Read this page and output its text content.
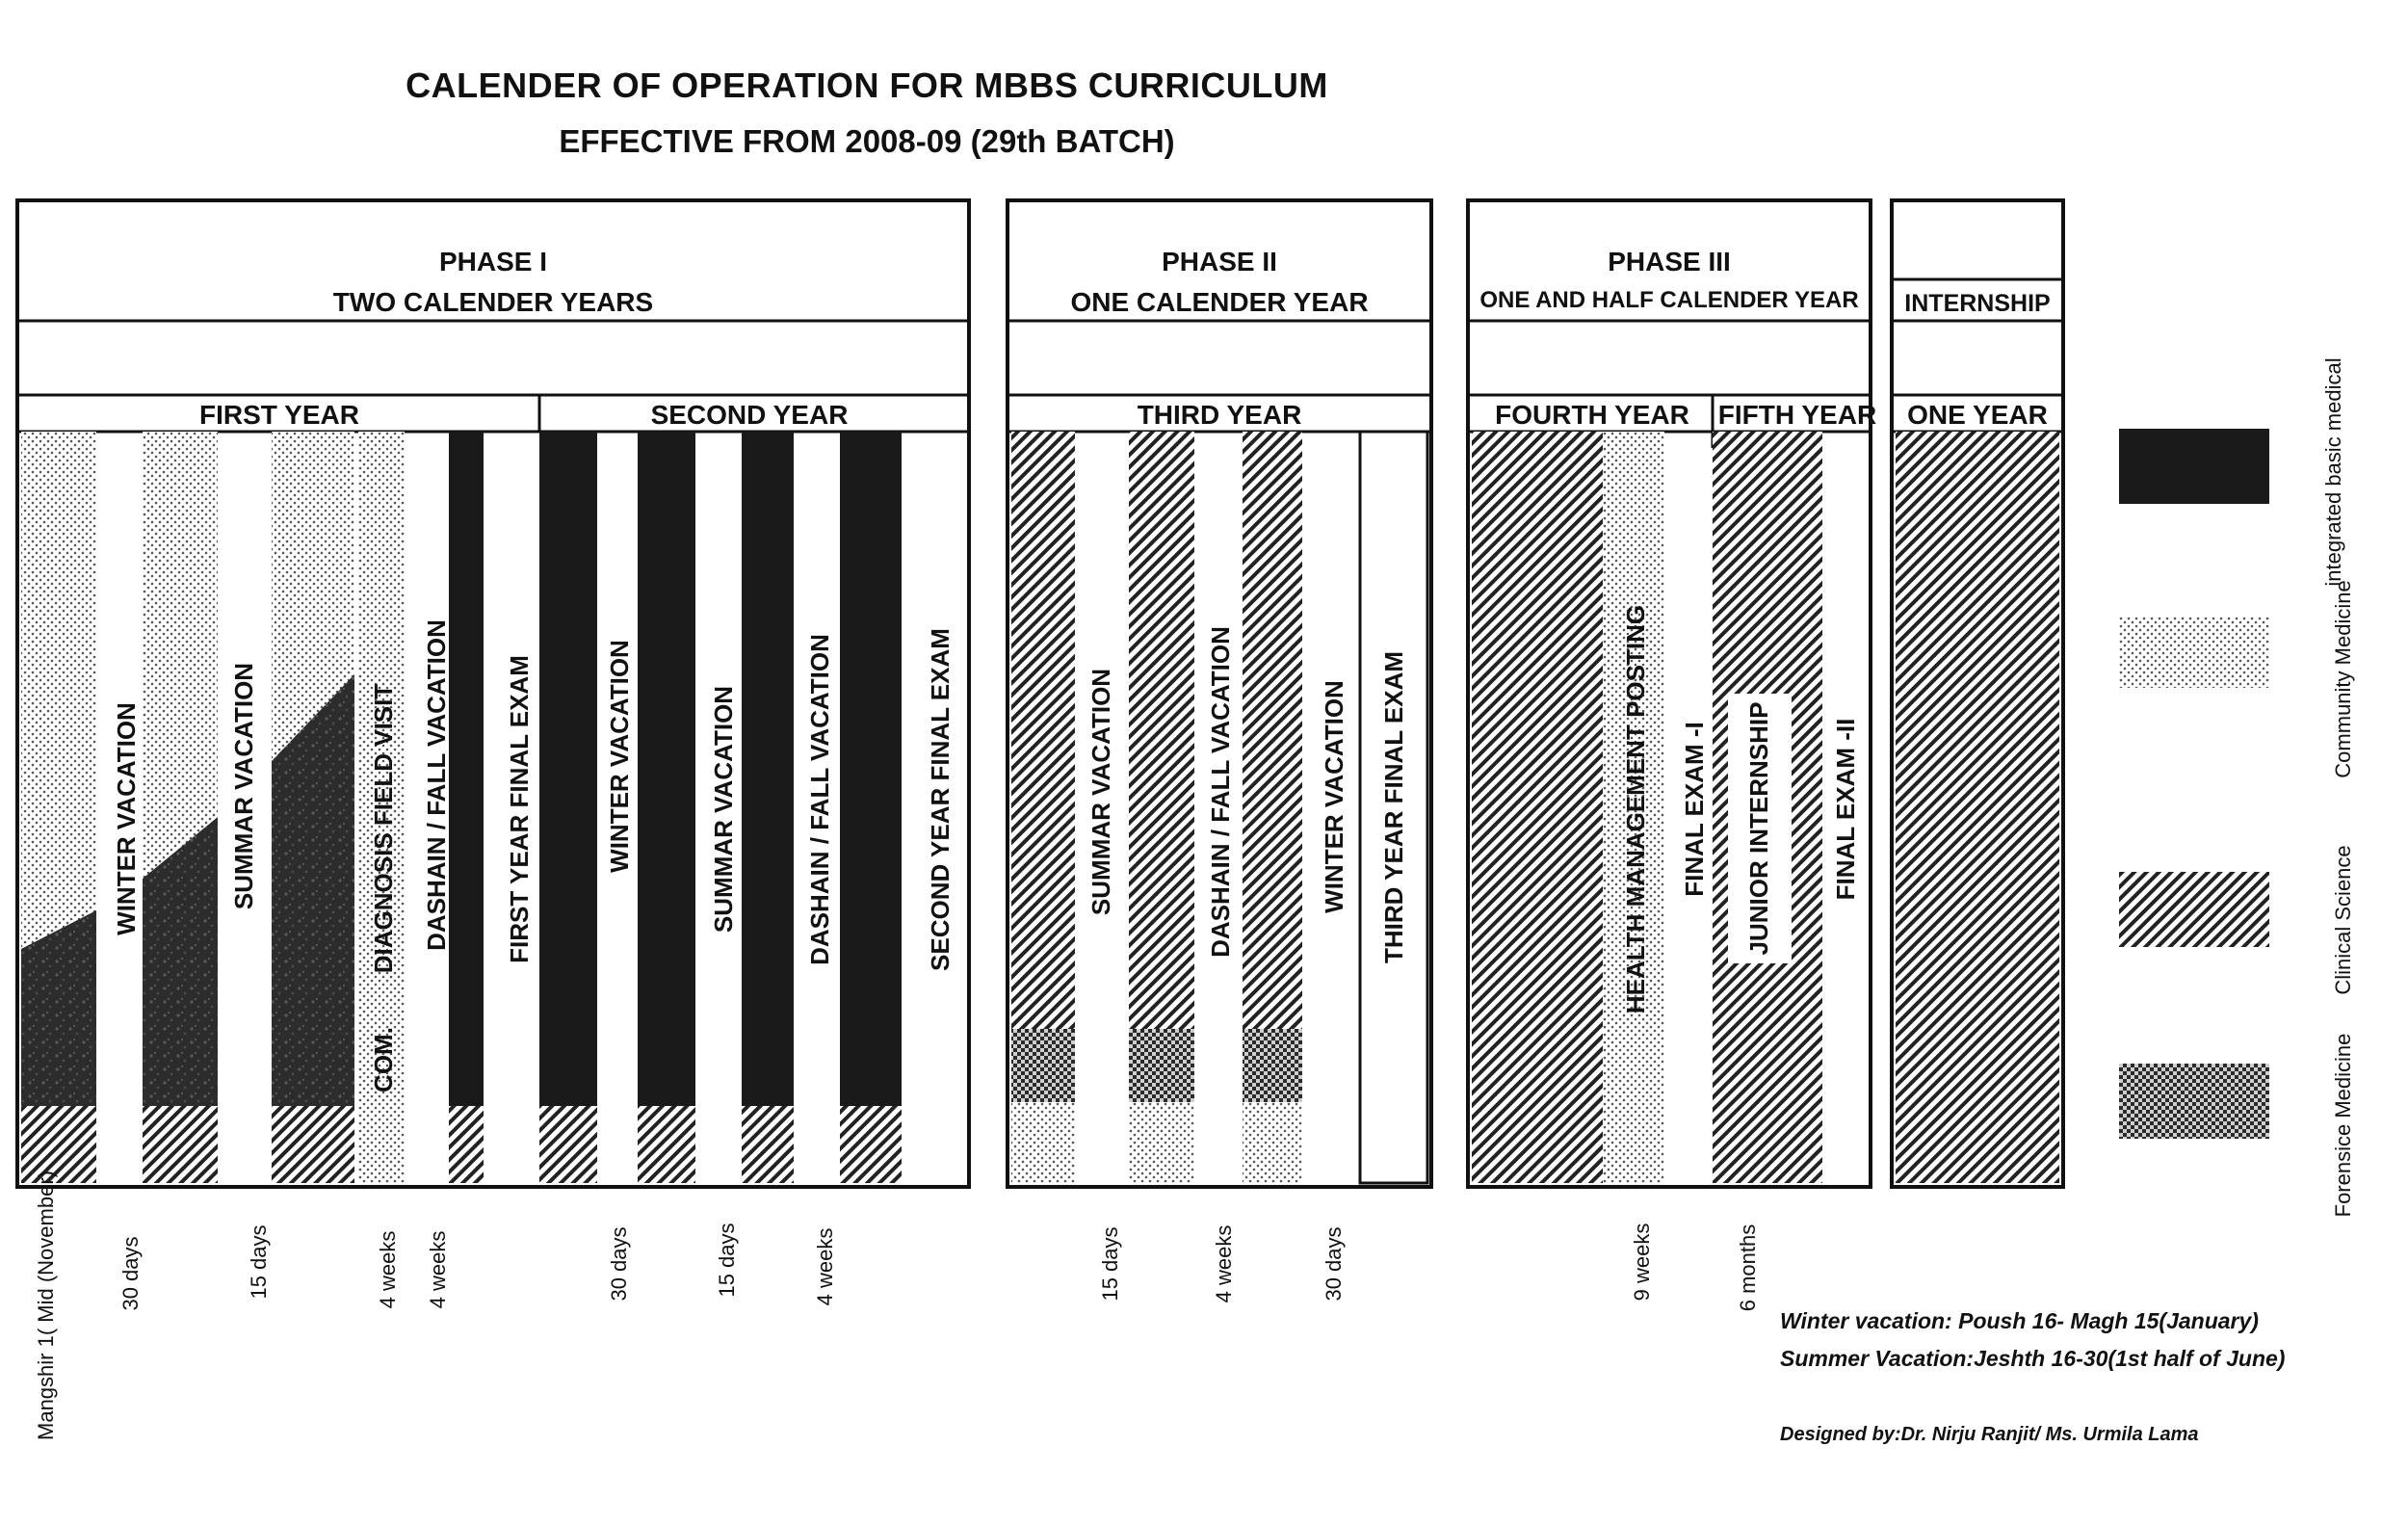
CALENDER OF OPERATION FOR MBBS CURRICULUM
EFFECTIVE FROM 2008-09 (29th BATCH)
PHASE I
TWO CALENDER YEARS
FIRST YEAR	SECOND YEAR
PHASE II
ONE CALENDER YEAR
THIRD YEAR
PHASE III
ONE AND HALF CALENDER YEAR
FOURTH YEAR FIFTH YEAR
INTERNSHIP
ONE YEAR
WINTER VACATION	SUMMAR VACATION
COM.
DIAGNOSIS FIELD VISIT DASHAIN / FALL VACATION FIRST YEAR FINAL EXAM	WINTER VACATION	SUMMAR VACATION	DASHAIN / FALL VACATION	SECOND YEAR FINAL EXAM	SUMMAR VACATION	DASHAIN / FALL VACATION	WINTER VACATION THIRD YEAR FINAL EXAM	HEALTH MANAGEMENT POSTING FINAL EXAM -I JUNIOR INTERNSHIP FINAL EXAM -II
Mangshir 1( Mid (November)	30 days	15 days	4 weeks 4 weeks	30 days	15 days	4 weeks	15 days	4 weeks	30 days	9 weeks	6 months
integrated basic medical
Community Medicine
Clinical Science
Forensice Medicine
Winter vacation: Poush 16- Magh 15(January)
Summer Vacation:Jeshth 16-30(1st half of June)
Designed by:Dr. Nirju Ranjit/ Ms. Urmila Lama
